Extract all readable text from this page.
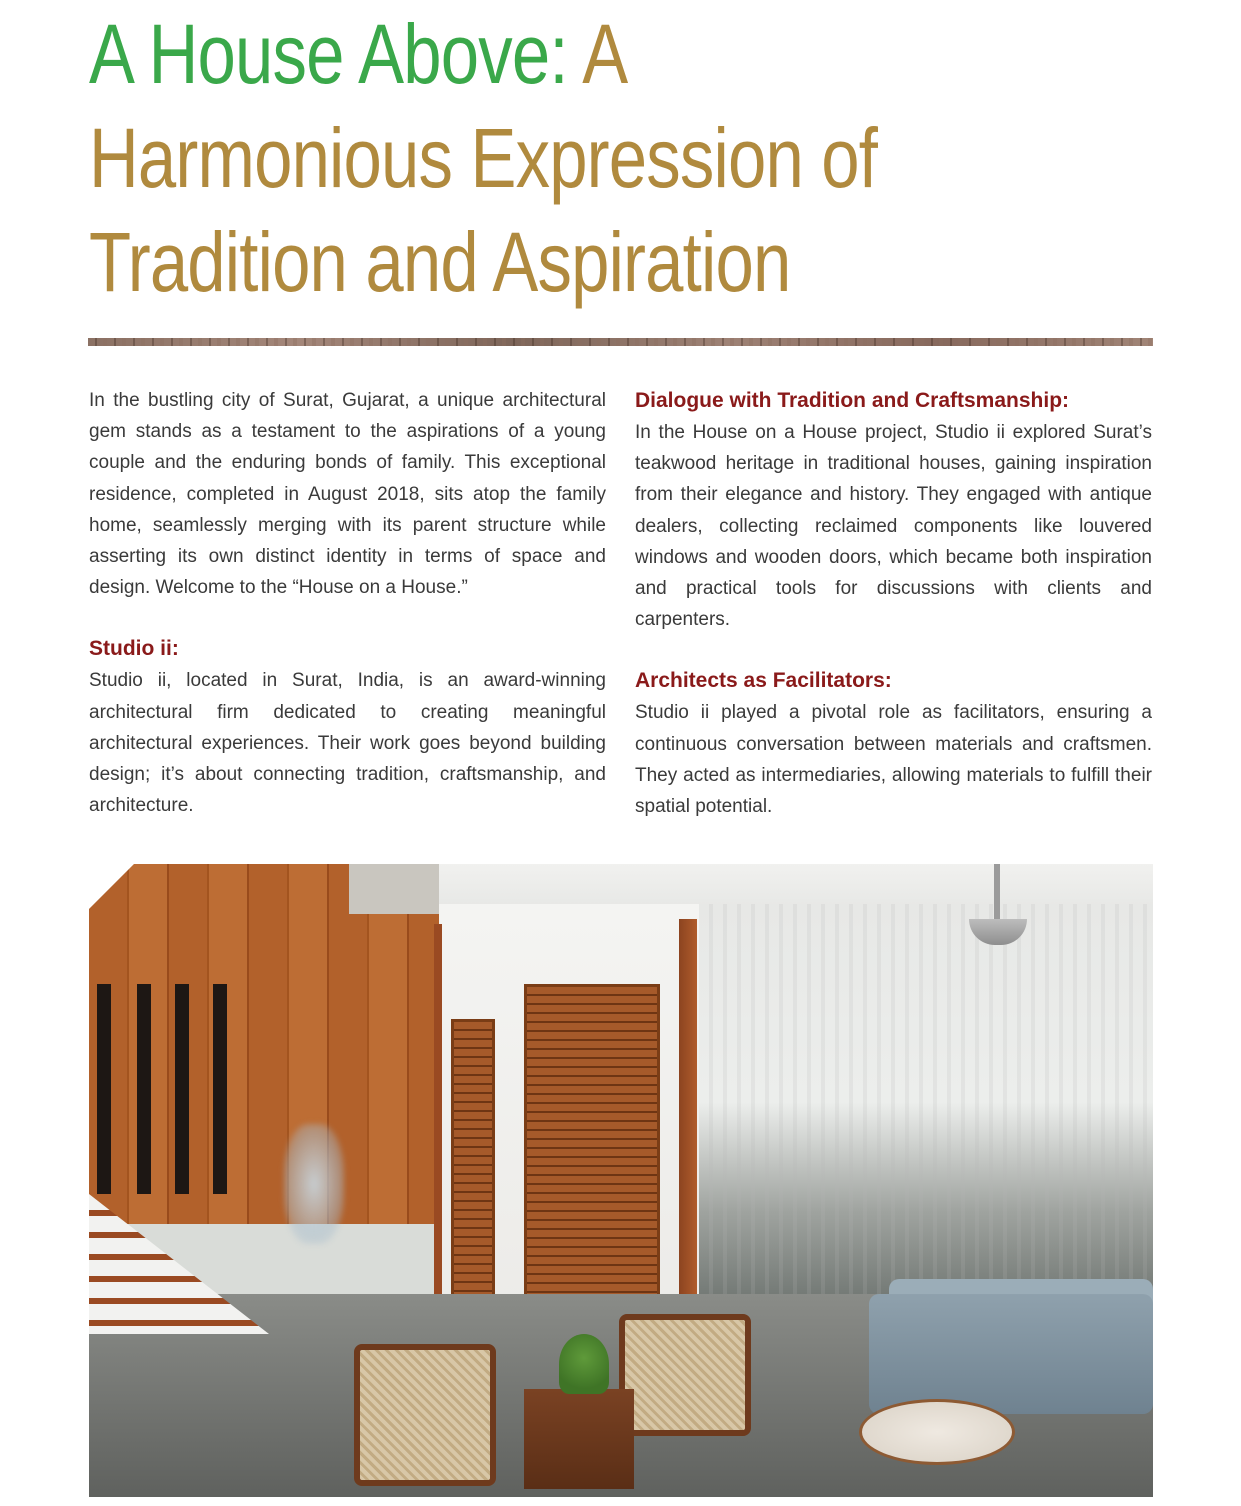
A House Above: A Harmonious Expression of Tradition and Aspiration

In the bustling city of Surat, Gujarat, a unique architectural gem stands as a testament to the aspirations of a young couple and the enduring bonds of family. This exceptional residence, completed in August 2018, sits atop the family home, seamlessly merging with its parent structure while asserting its own distinct identity in terms of space and design. Welcome to the “House on a House.”

Studio ii:

Studio ii, located in Surat, India, is an award-winning architectural firm dedicated to creating meaningful architectural experiences. Their work goes beyond building design; it’s about connecting tradition, craftsmanship, and architecture.

Dialogue with Tradition and Craftsmanship:

In the House on a House project, Studio ii explored Surat’s teakwood heritage in traditional houses, gaining inspiration from their elegance and history. They engaged with antique dealers, collecting reclaimed components like louvered windows and wooden doors, which became both inspiration and practical tools for discussions with clients and carpenters.

Architects as Facilitators:

Studio ii played a pivotal role as facilitators, ensuring a continuous conversation between materials and craftsmen. They acted as intermediaries, allowing materials to fulfill their spatial potential.
